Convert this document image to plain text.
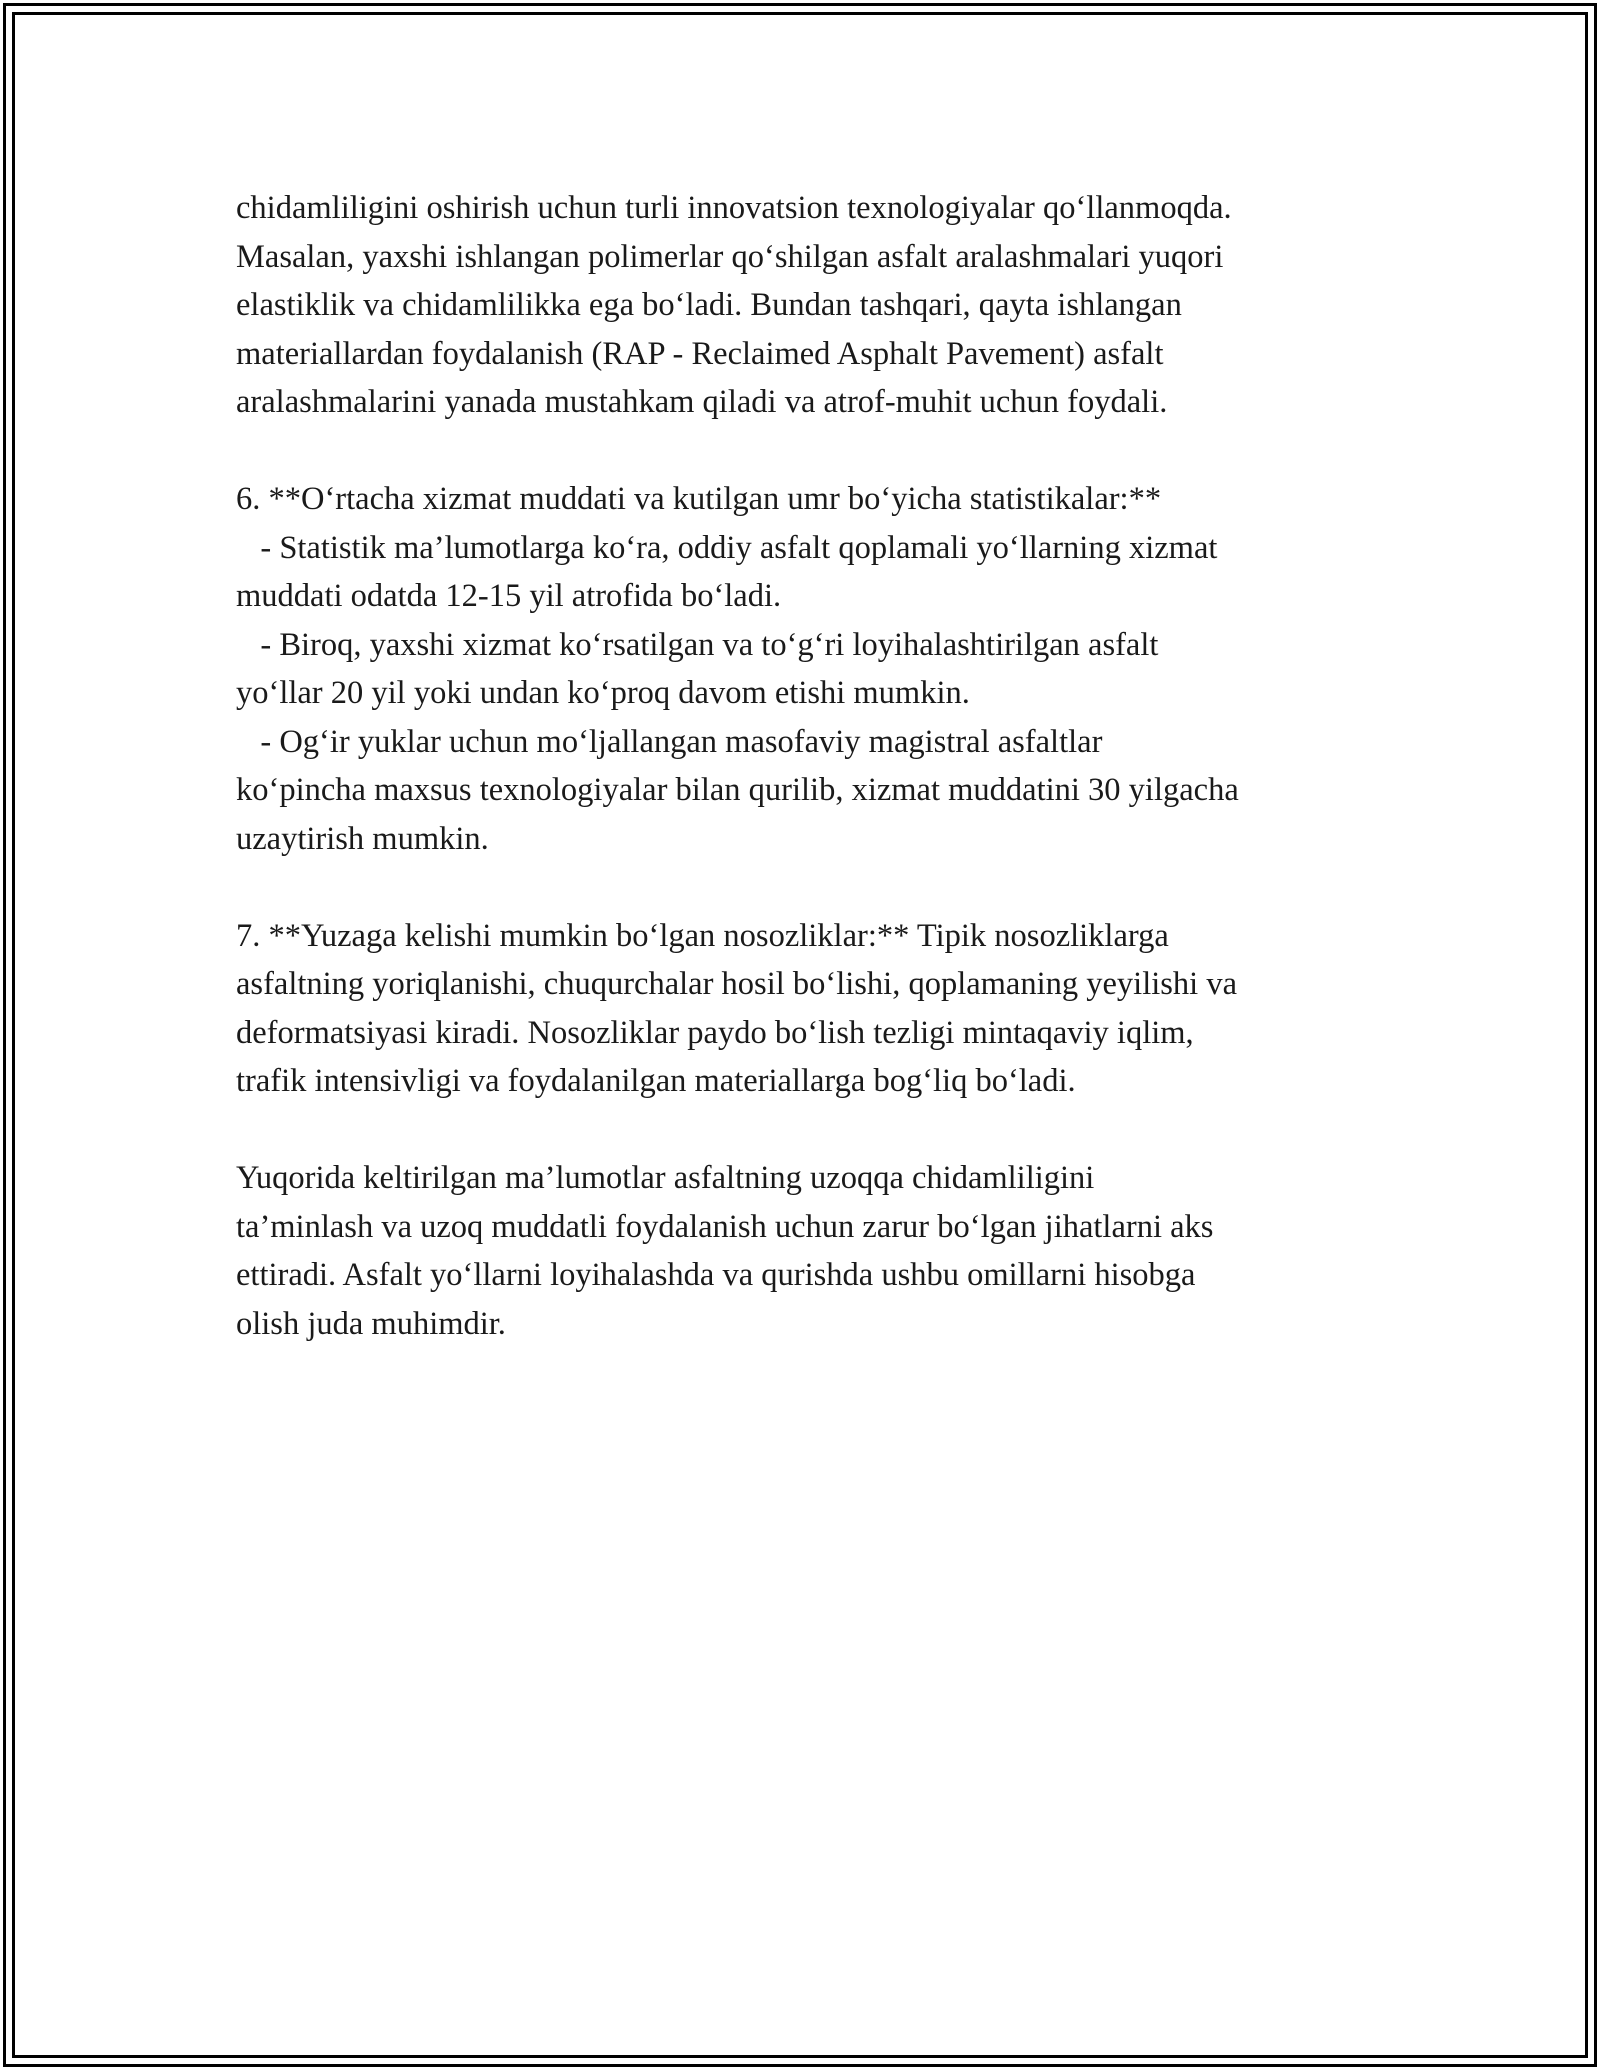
chidamliligini oshirish uchun turli innovatsion texnologiyalar qo‘llanmoqda.
Masalan, yaxshi ishlangan polimerlar qo‘shilgan asfalt aralashmalari yuqori
elastiklik va chidamlilikka ega bo‘ladi. Bundan tashqari, qayta ishlangan
materiallardan foydalanish (RAP - Reclaimed Asphalt Pavement) asfalt
aralashmalarini yanada mustahkam qiladi va atrof-muhit uchun foydali.
6. **O‘rtacha xizmat muddati va kutilgan umr bo‘yicha statistikalar:**
- Statistik ma’lumotlarga ko‘ra, oddiy asfalt qoplamali yo‘llarning xizmat
muddati odatda 12-15 yil atrofida bo‘ladi.
- Biroq, yaxshi xizmat ko‘rsatilgan va to‘g‘ri loyihalashtirilgan asfalt
yo‘llar 20 yil yoki undan ko‘proq davom etishi mumkin.
- Og‘ir yuklar uchun mo‘ljallangan masofaviy magistral asfaltlar
ko‘pincha maxsus texnologiyalar bilan qurilib, xizmat muddatini 30 yilgacha
uzaytirish mumkin.
7. **Yuzaga kelishi mumkin bo‘lgan nosozliklar:** Tipik nosozliklarga
asfaltning yoriqlanishi, chuqurchalar hosil bo‘lishi, qoplamaning yeyilishi va
deformatsiyasi kiradi. Nosozliklar paydo bo‘lish tezligi mintaqaviy iqlim,
trafik intensivligi va foydalanilgan materiallarga bog‘liq bo‘ladi.
Yuqorida keltirilgan ma’lumotlar asfaltning uzoqqa chidamliligini
ta’minlash va uzoq muddatli foydalanish uchun zarur bo‘lgan jihatlarni aks
ettiradi. Asfalt yo‘llarni loyihalashda va qurishda ushbu omillarni hisobga
olish juda muhimdir.
